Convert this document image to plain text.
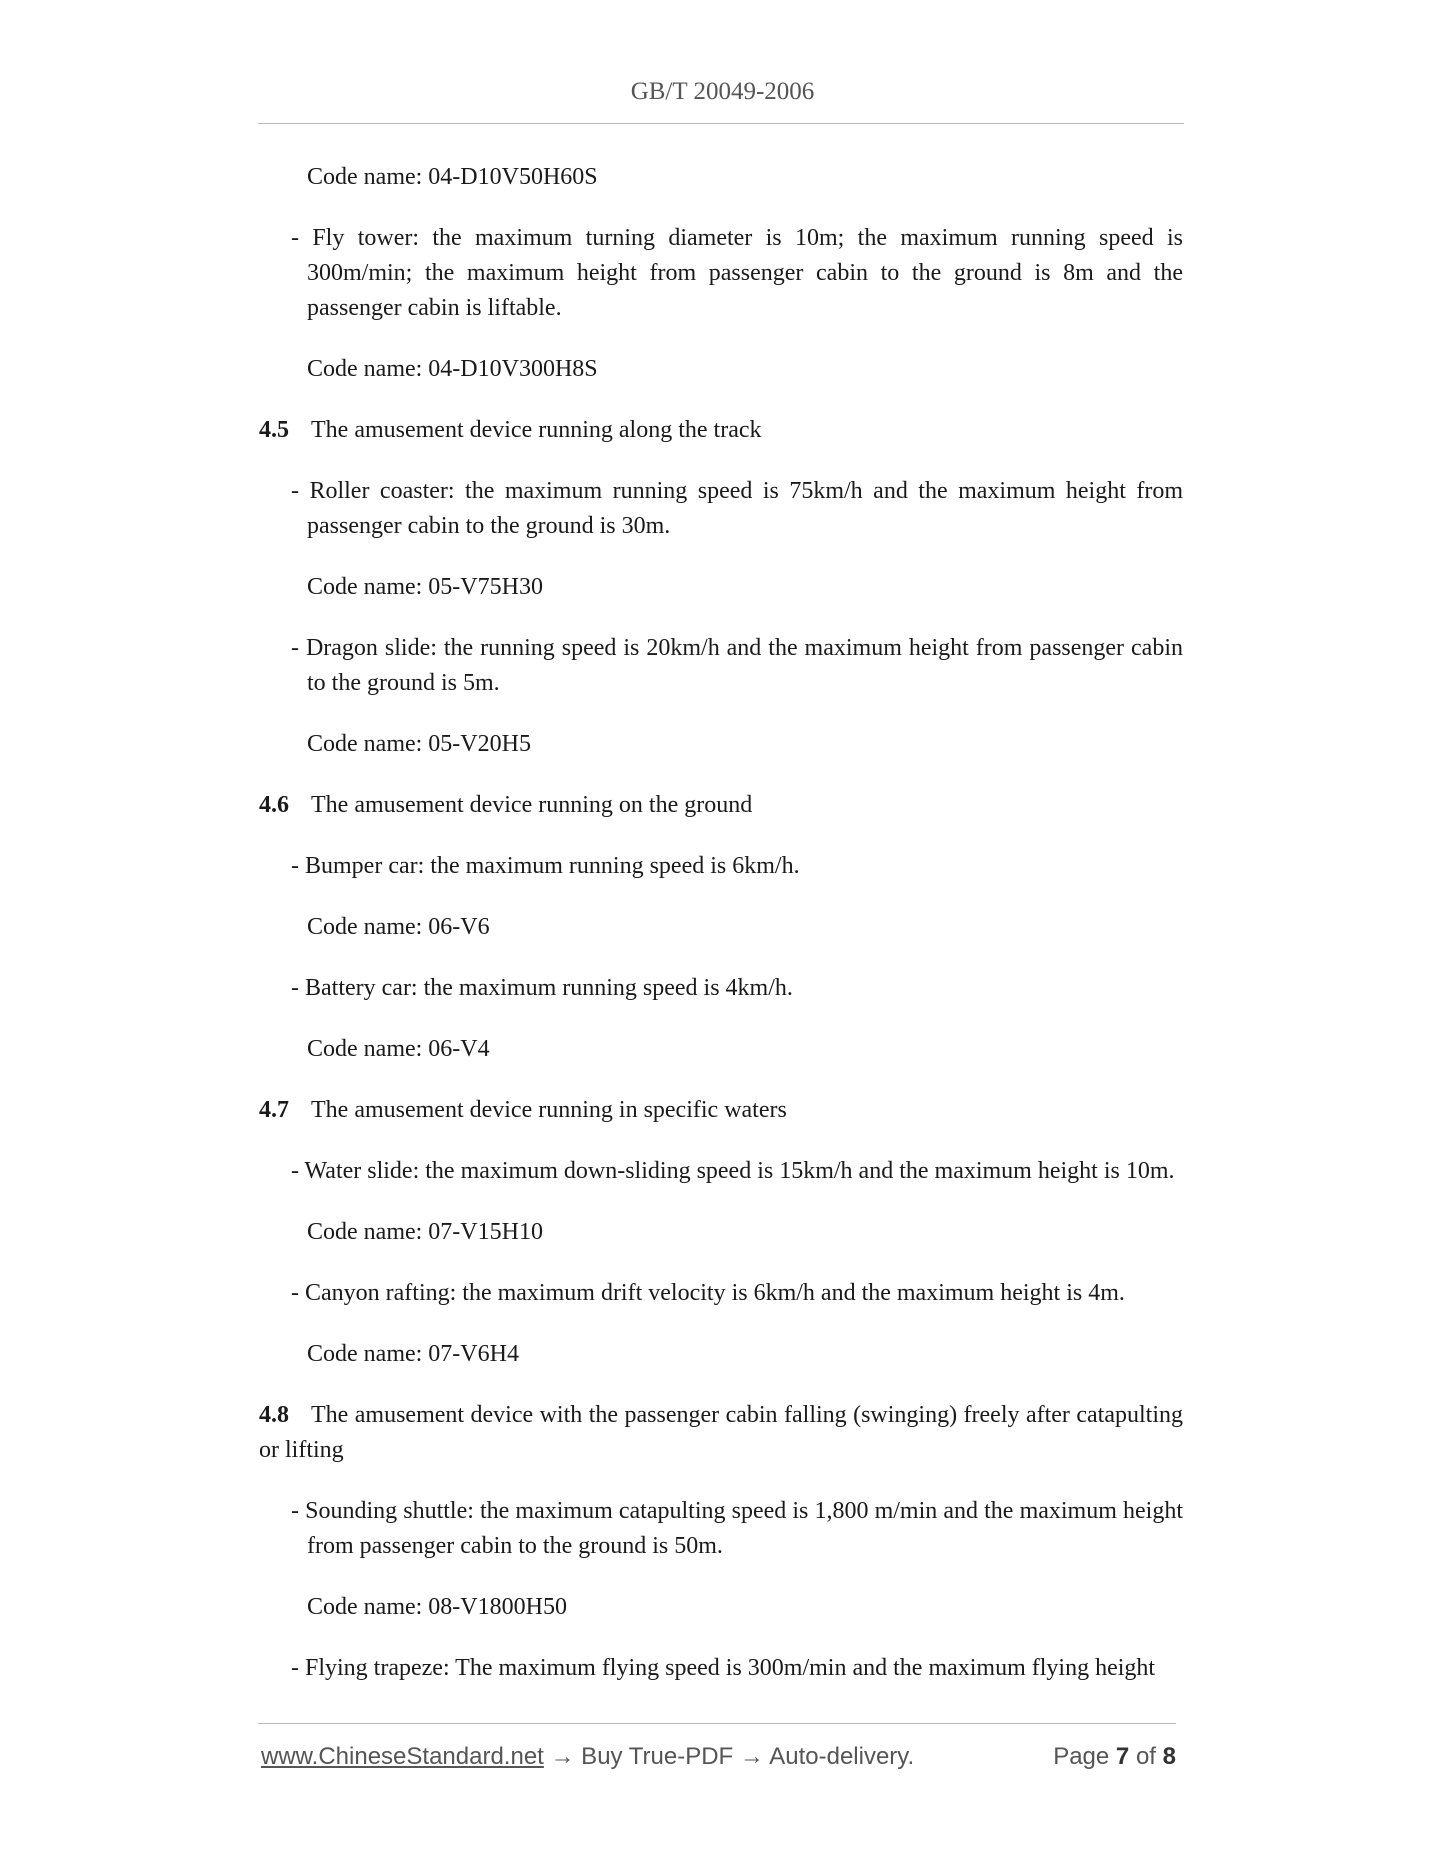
GB/T 20049-2006

Code name: 04-D10V50H60S

- Fly tower: the maximum turning diameter is 10m; the maximum running speed is 300m/min; the maximum height from passenger cabin to the ground is 8m and the passenger cabin is liftable.

Code name: 04-D10V300H8S

4.5 The amusement device running along the track

- Roller coaster: the maximum running speed is 75km/h and the maximum height from passenger cabin to the ground is 30m.

Code name: 05-V75H30

- Dragon slide: the running speed is 20km/h and the maximum height from passenger cabin to the ground is 5m.

Code name: 05-V20H5

4.6 The amusement device running on the ground

- Bumper car: the maximum running speed is 6km/h.

Code name: 06-V6

- Battery car: the maximum running speed is 4km/h.

Code name: 06-V4

4.7 The amusement device running in specific waters

- Water slide: the maximum down-sliding speed is 15km/h and the maximum height is 10m.

Code name: 07-V15H10

- Canyon rafting: the maximum drift velocity is 6km/h and the maximum height is 4m.

Code name: 07-V6H4

4.8 The amusement device with the passenger cabin falling (swinging) freely after catapulting or lifting

- Sounding shuttle: the maximum catapulting speed is 1,800 m/min and the maximum height from passenger cabin to the ground is 50m.

Code name: 08-V1800H50

- Flying trapeze: The maximum flying speed is 300m/min and the maximum flying height

www.ChineseStandard.net → Buy True-PDF → Auto-delivery.	Page 7 of 8
